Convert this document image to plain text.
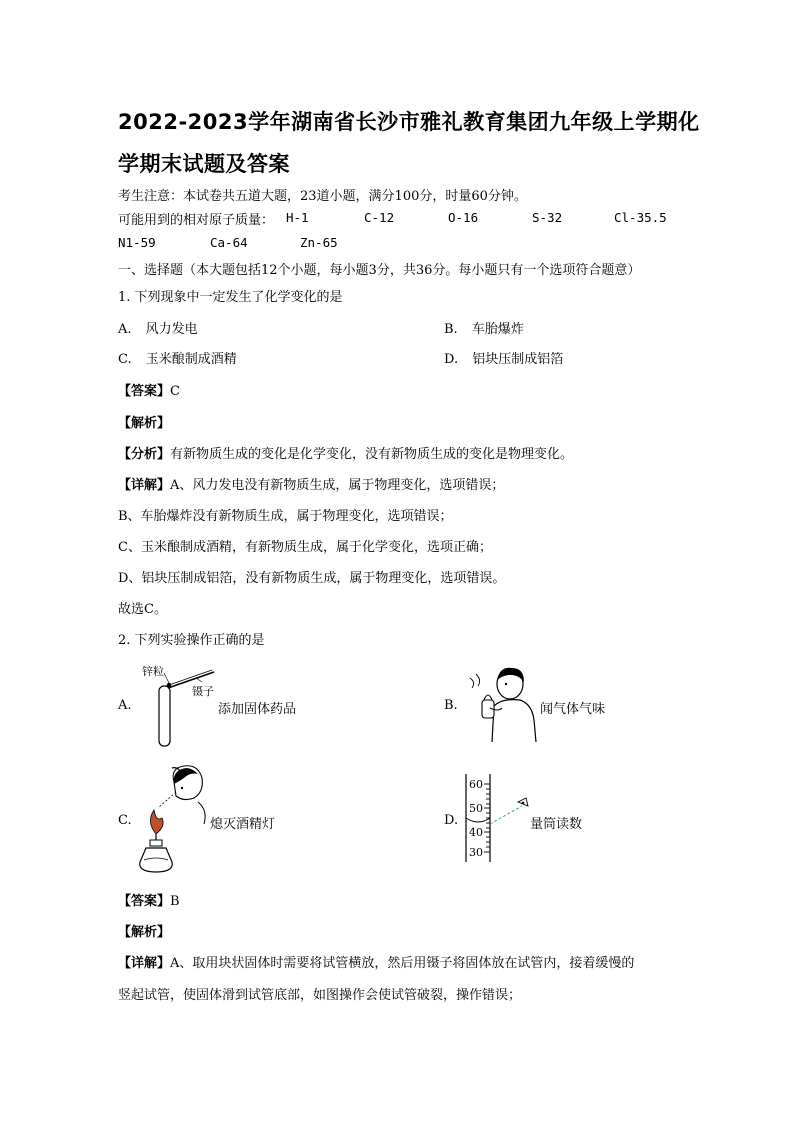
2022-2023学年湖南省长沙市雅礼教育集团九年级上学期化
学期末试题及答案
考生注意：本试卷共五道大题，23道小题，满分100分，时量60分钟。
可能用到的相对原子质量： H-1	C-12	O-16	S-32	Cl-35.5
N1-59	Ca-64	Zn-65
一、选择题（本大题包括12个小题，每小题3分，共36分。每小题只有一个选项符合题意）
1. 下列现象中一定发生了化学变化的是
A. 风力发电	B. 车胎爆炸
C. 玉米酿制成酒精	D. 铝块压制成铝箔
【答案】C
【解析】
【分析】有新物质生成的变化是化学变化，没有新物质生成的变化是物理变化。
【详解】A、风力发电没有新物质生成，属于物理变化，选项错误；
B、车胎爆炸没有新物质生成，属于物理变化，选项错误；
C、玉米酿制成酒精，有新物质生成，属于化学变化，选项正确；
D、铝块压制成铝箔，没有新物质生成，属于物理变化，选项错误。
故选C。
2. 下列实验操作正确的是
A.
锌粒
镊子
添加固体药品	B.	闻气体气味
C.	熄灭酒精灯	D.
60
50
40
30
量筒读数
【答案】B
【解析】
【详解】A、取用块状固体时需要将试管横放，然后用镊子将固体放在试管内，接着缓慢的
竖起试管，使固体滑到试管底部，如图操作会使试管破裂，操作错误；
